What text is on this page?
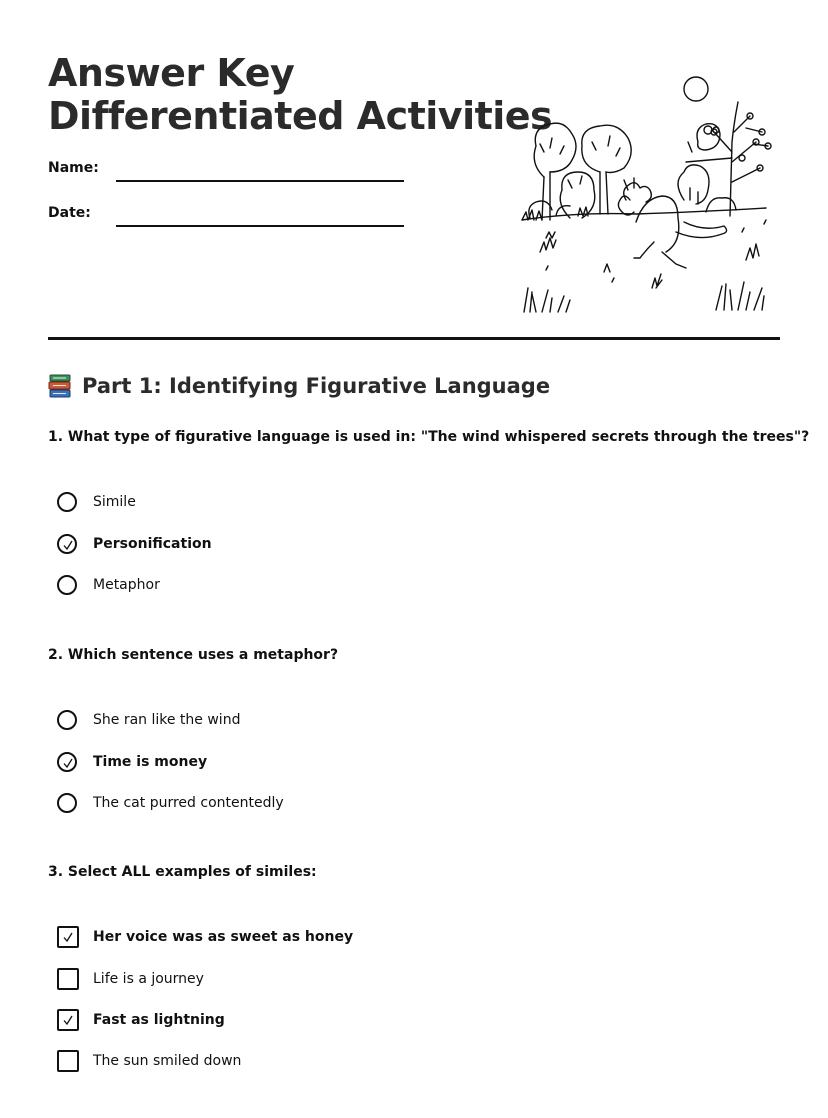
Answer Key
Differentiated Activities
Name:
Date:
Part 1: Identifying Figurative Language
1. What type of figurative language is used in: "The wind whispered secrets through the trees"?
Simile
Personification
Metaphor
2. Which sentence uses a metaphor?
She ran like the wind
Time is money
The cat purred contentedly
3. Select ALL examples of similes:
Her voice was as sweet as honey
Life is a journey
Fast as lightning
The sun smiled down
